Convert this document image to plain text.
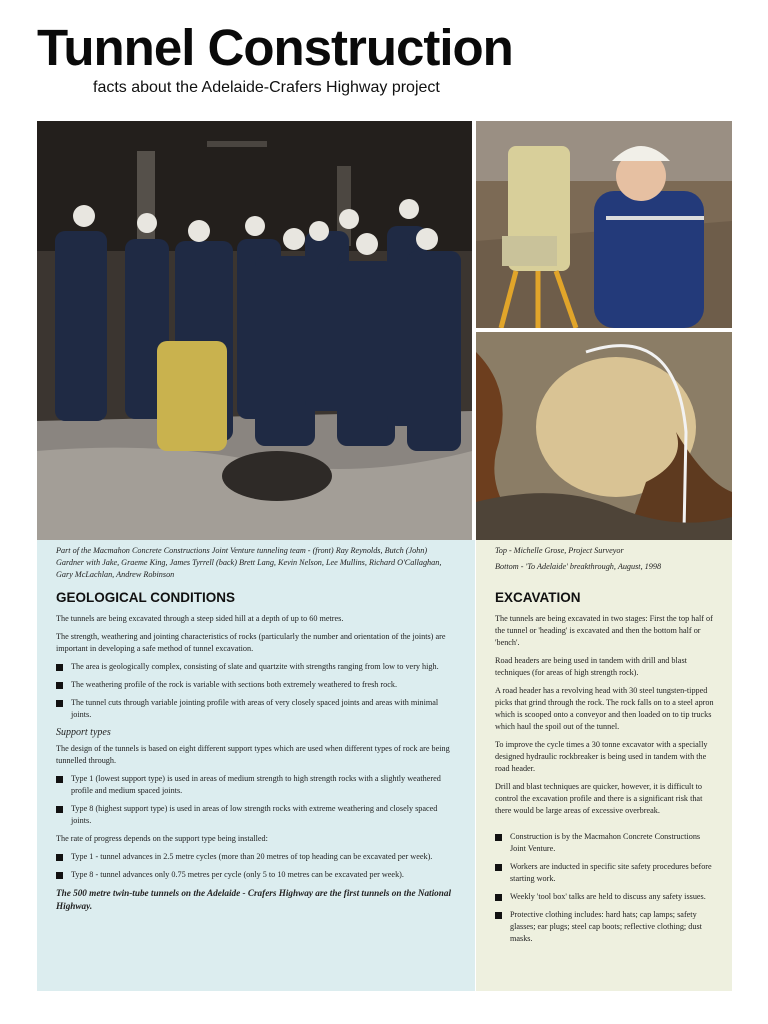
Tunnel Construction
facts about the Adelaide-Crafers Highway project
Part of the Macmahon Concrete Constructions Joint Venture tunneling team - (front) Ray Reynolds, Butch (John) Gardner with Jake, Graeme King, James Tyrrell (back) Brett Lang, Kevin Nelson, Lee Mullins, Richard O'Callaghan, Gary McLachlan, Andrew Robinson
Top - Michelle Grose, Project Surveyor
Bottom - 'To Adelaide' breakthrough, August, 1998
GEOLOGICAL CONDITIONS

The tunnels are being excavated through a steep sided hill at a depth of up to 60 metres.

The strength, weathering and jointing characteristics of rocks (particularly the number and orientation of the joints) are important in developing a safe method of tunnel excavation.

The area is geologically complex, consisting of slate and quartzite with strengths ranging from low to very high.
The weathering profile of the rock is variable with sections both extremely weathered to fresh rock.
The tunnel cuts through variable jointing profile with areas of very closely spaced joints and areas with minimal joints.
Support types

The design of the tunnels is based on eight different support types which are used when different types of rock are being tunnelled through.

Type 1 (lowest support type) is used in areas of medium strength to high strength rocks with a slightly weathered profile and medium spaced joints.
Type 8 (highest support type) is used in areas of low strength rocks with extreme weathering and closely spaced joints.

The rate of progress depends on the support type being installed:

Type 1 - tunnel advances in 2.5 metre cycles (more than 20 metres of top heading can be excavated per week).
Type 8 - tunnel advances only 0.75 metres per cycle (only 5 to 10 metres can be excavated per week).
The 500 metre twin-tube tunnels on the Adelaide - Crafers Highway are the first tunnels on the National Highway.
EXCAVATION

The tunnels are being excavated in two stages: First the top half of the tunnel or 'heading' is excavated and then the bottom half or 'bench'.

Road headers are being used in tandem with drill and blast techniques (for areas of high strength rock).

A road header has a revolving head with 30 steel tungsten-tipped picks that grind through the rock. The rock falls on to a steel apron which is scooped onto a conveyor and then loaded on to tip trucks which haul the spoil out of the tunnel.

To improve the cycle times a 30 tonne excavator with a specially designed hydraulic rockbreaker is being used in tandem with the road header.

Drill and blast techniques are quicker, however, it is difficult to control the excavation profile and there is a significant risk that there would be large areas of excessive overbreak.

Construction is by the Macmahon Concrete Constructions Joint Venture.
Workers are inducted in specific site safety procedures before starting work.
Weekly 'tool box' talks are held to discuss any safety issues.
Protective clothing includes: hard hats; cap lamps; safety glasses; ear plugs; steel cap boots; reflective clothing; dust masks.
